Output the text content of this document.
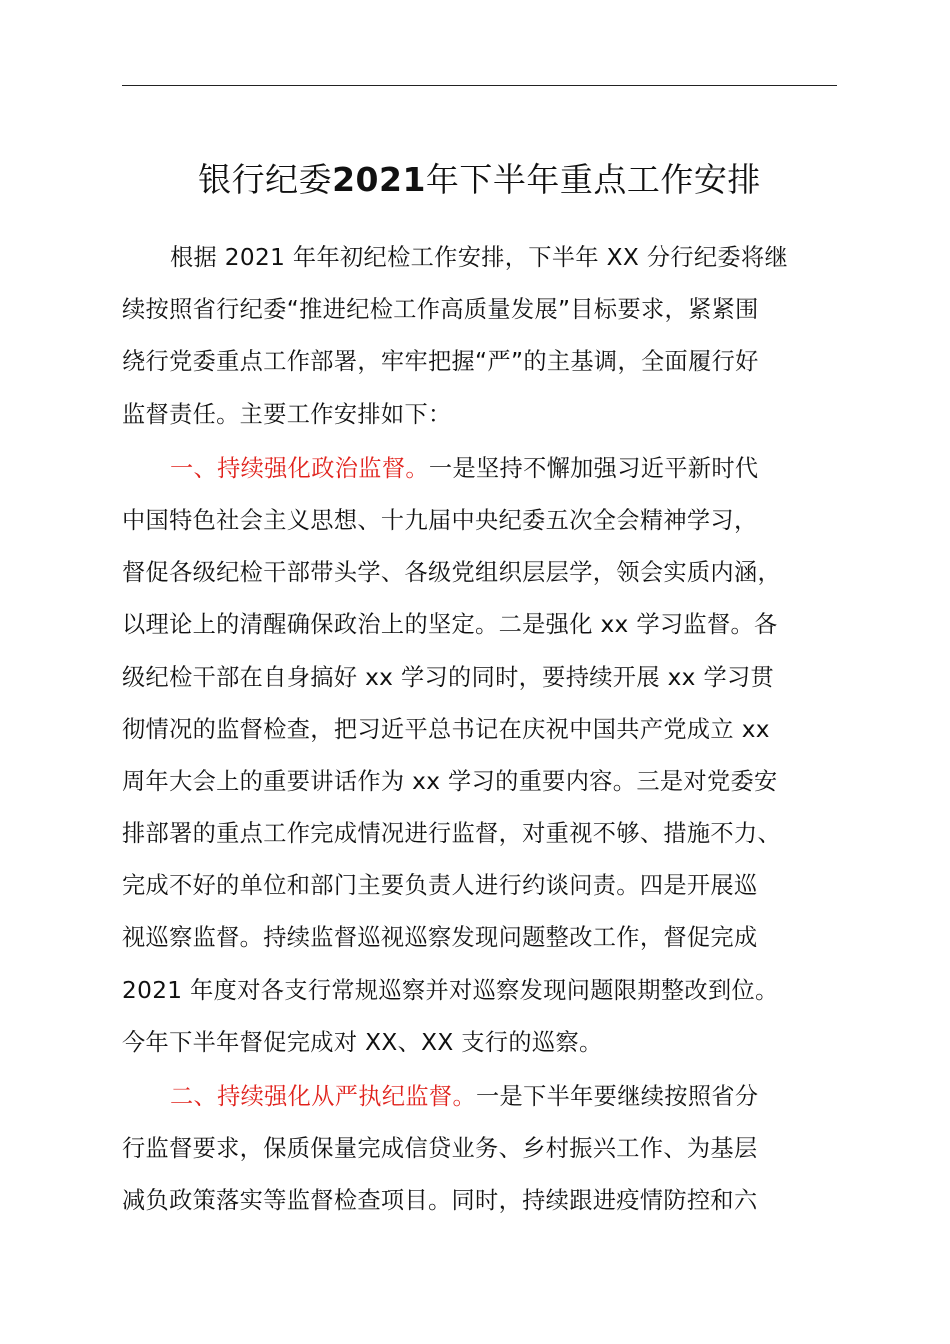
银行纪委2021年下半年重点工作安排
根据 2021 年年初纪检工作安排，下半年 XX 分行纪委将继
续按照省行纪委“推进纪检工作高质量发展”目标要求，紧紧围
绕行党委重点工作部署，牢牢把握“严”的主基调，全面履行好
监督责任。主要工作安排如下：
一、持续强化政治监督。一是坚持不懈加强习近平新时代
中国特色社会主义思想、十九届中央纪委五次全会精神学习，
督促各级纪检干部带头学、各级党组织层层学，领会实质内涵，
以理论上的清醒确保政治上的坚定。二是强化 xx 学习监督。各
级纪检干部在自身搞好 xx 学习的同时，要持续开展 xx 学习贯
彻情况的监督检查，把习近平总书记在庆祝中国共产党成立 xx
周年大会上的重要讲话作为 xx 学习的重要内容。三是对党委安
排部署的重点工作完成情况进行监督，对重视不够、措施不力、
完成不好的单位和部门主要负责人进行约谈问责。四是开展巡
视巡察监督。持续监督巡视巡察发现问题整改工作，督促完成
2021 年度对各支行常规巡察并对巡察发现问题限期整改到位。
今年下半年督促完成对 XX、XX 支行的巡察。
二、持续强化从严执纪监督。一是下半年要继续按照省分
行监督要求，保质保量完成信贷业务、乡村振兴工作、为基层
减负政策落实等监督检查项目。同时，持续跟进疫情防控和六
